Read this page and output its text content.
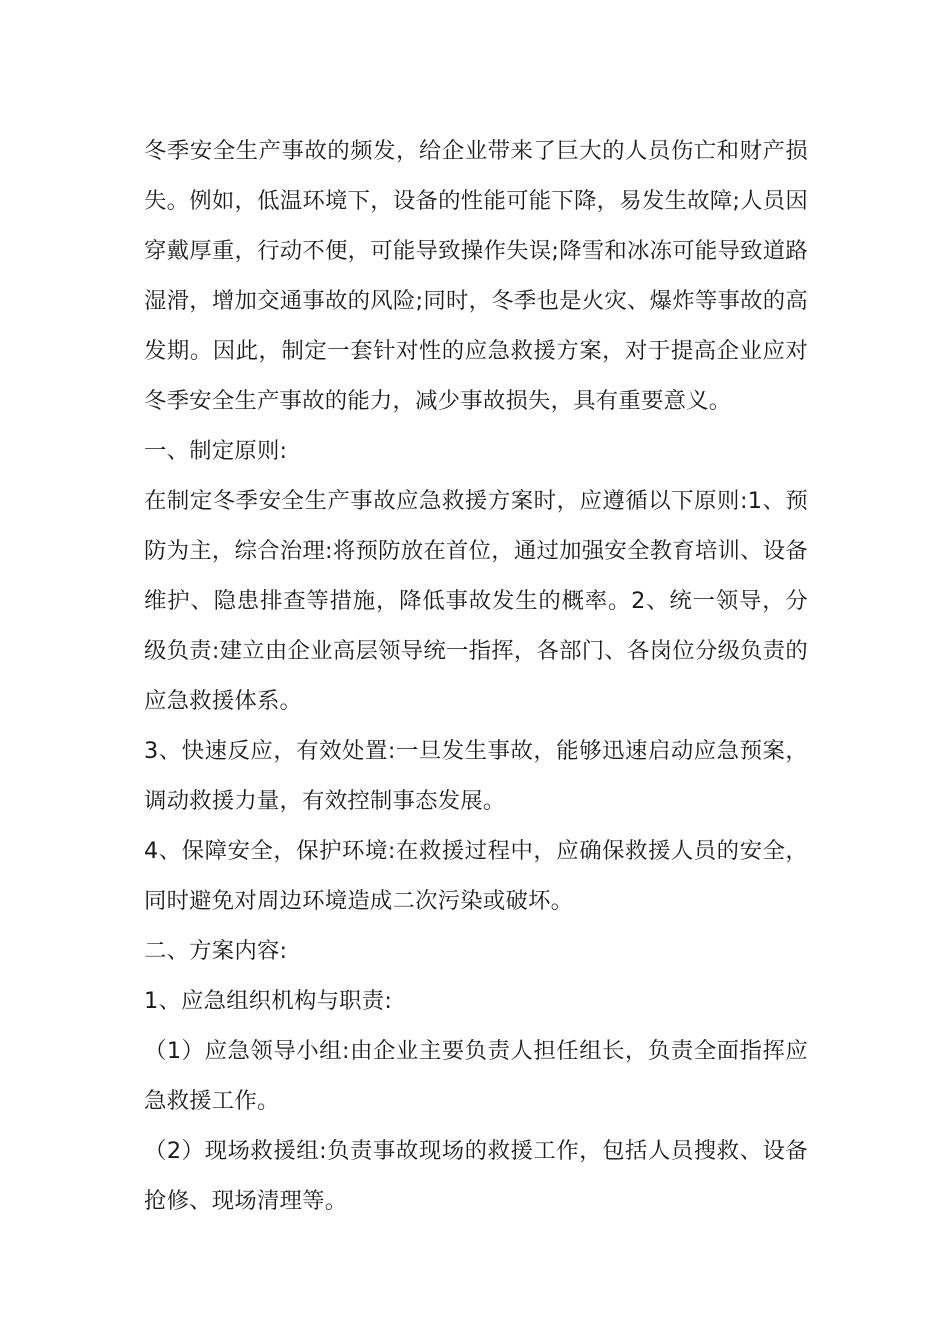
冬季安全生产事故的频发，给企业带来了巨大的人员伤亡和财产损失。例如，低温环境下，设备的性能可能下降，易发生故障;人员因穿戴厚重，行动不便，可能导致操作失误;降雪和冰冻可能导致道路湿滑，增加交通事故的风险;同时，冬季也是火灾、爆炸等事故的高发期。因此，制定一套针对性的应急救援方案，对于提高企业应对冬季安全生产事故的能力，减少事故损失，具有重要意义。

一、制定原则:

在制定冬季安全生产事故应急救援方案时，应遵循以下原则:1、预防为主，综合治理:将预防放在首位，通过加强安全教育培训、设备维护、隐患排查等措施，降低事故发生的概率。2、统一领导，分级负责:建立由企业高层领导统一指挥，各部门、各岗位分级负责的应急救援体系。

3、快速反应，有效处置:一旦发生事故，能够迅速启动应急预案，调动救援力量，有效控制事态发展。

4、保障安全，保护环境:在救援过程中，应确保救援人员的安全，同时避免对周边环境造成二次污染或破坏。

二、方案内容:

1、应急组织机构与职责:

（1）应急领导小组:由企业主要负责人担任组长，负责全面指挥应急救援工作。

（2）现场救援组:负责事故现场的救援工作，包括人员搜救、设备抢修、现场清理等。
